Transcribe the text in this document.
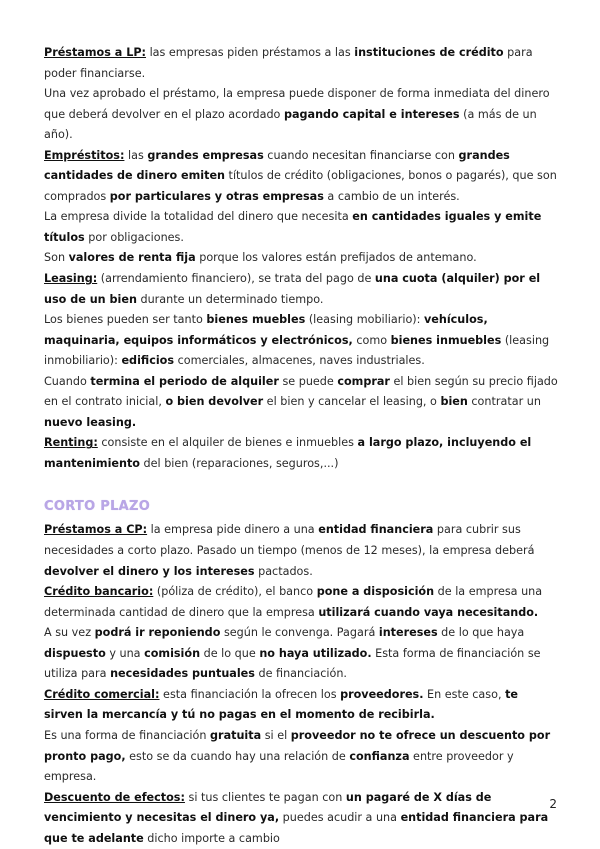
Préstamos a LP: las empresas piden préstamos a las instituciones de crédito para poder financiarse.

Una vez aprobado el préstamo, la empresa puede disponer de forma inmediata del dinero que deberá devolver en el plazo acordado pagando capital e intereses (a más de un año).

Empréstitos: las grandes empresas cuando necesitan financiarse con grandes cantidades de dinero emiten títulos de crédito (obligaciones, bonos o pagarés), que son comprados por particulares y otras empresas a cambio de un interés.

La empresa divide la totalidad del dinero que necesita en cantidades iguales y emite títulos por obligaciones.

Son valores de renta fija porque los valores están prefijados de antemano.

Leasing: (arrendamiento financiero), se trata del pago de una cuota (alquiler) por el uso de un bien durante un determinado tiempo.

Los bienes pueden ser tanto bienes muebles (leasing mobiliario): vehículos, maquinaria, equipos informáticos y electrónicos, como bienes inmuebles (leasing inmobiliario): edificios comerciales, almacenes, naves industriales.

Cuando termina el periodo de alquiler se puede comprar el bien según su precio fijado en el contrato inicial, o bien devolver el bien y cancelar el leasing, o bien contratar un nuevo leasing.

Renting: consiste en el alquiler de bienes e inmuebles a largo plazo, incluyendo el mantenimiento del bien (reparaciones, seguros,...)

CORTO PLAZO

Préstamos a CP: la empresa pide dinero a una entidad financiera para cubrir sus necesidades a corto plazo. Pasado un tiempo (menos de 12 meses), la empresa deberá devolver el dinero y los intereses pactados.

Crédito bancario: (póliza de crédito), el banco pone a disposición de la empresa una determinada cantidad de dinero que la empresa utilizará cuando vaya necesitando.

A su vez podrá ir reponiendo según le convenga. Pagará intereses de lo que haya dispuesto y una comisión de lo que no haya utilizado. Esta forma de financiación se utiliza para necesidades puntuales de financiación.

Crédito comercial: esta financiación la ofrecen los proveedores. En este caso, te sirven la mercancía y tú no pagas en el momento de recibirla.

Es una forma de financiación gratuita si el proveedor no te ofrece un descuento por pronto pago, esto se da cuando hay una relación de confianza entre proveedor y empresa.

Descuento de efectos: si tus clientes te pagan con un pagaré de X días de vencimiento y necesitas el dinero ya, puedes acudir a una entidad financiera para que te adelante dicho importe a cambio

2
